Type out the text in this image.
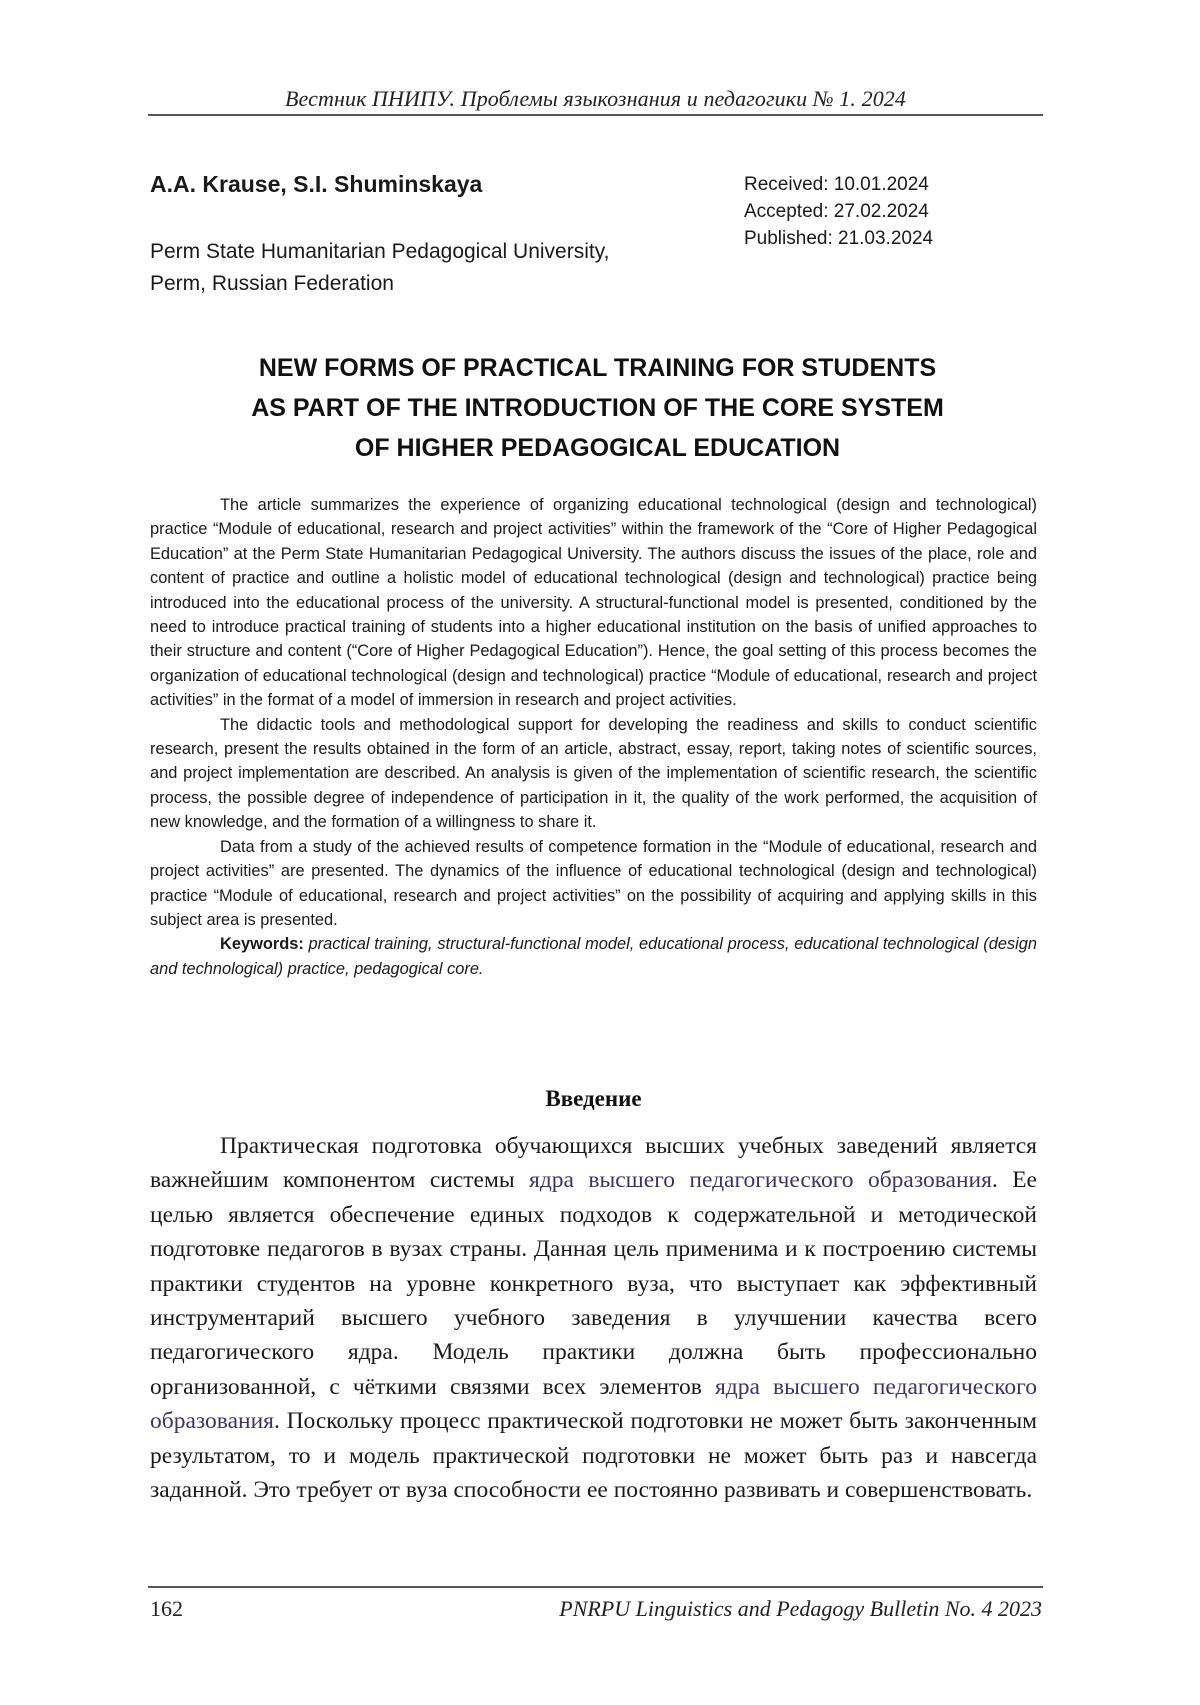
Вестник ПНИПУ. Проблемы языкознания и педагогики № 1. 2024
A.A. Krause, S.I. Shuminskaya
Perm State Humanitarian Pedagogical University,
Perm, Russian Federation
Received: 10.01.2024
Accepted: 27.02.2024
Published: 21.03.2024
NEW FORMS OF PRACTICAL TRAINING FOR STUDENTS
AS PART OF THE INTRODUCTION OF THE CORE SYSTEM
OF HIGHER PEDAGOGICAL EDUCATION

The article summarizes the experience of organizing educational technological (design and technological) practice “Module of educational, research and project activities” within the framework of the “Core of Higher Pedagogical Education” at the Perm State Humanitarian Pedagogical University. The authors discuss the issues of the place, role and content of practice and outline a holistic model of educational technological (design and technological) practice being introduced into the educational process of the university. A structural-functional model is presented, conditioned by the need to introduce practical training of students into a higher educational institution on the basis of unified approaches to their structure and content (“Core of Higher Pedagogical Education”). Hence, the goal setting of this process becomes the organization of educational technological (design and technological) practice “Module of educational, research and project activities” in the format of a model of immersion in research and project activities.

The didactic tools and methodological support for developing the readiness and skills to conduct scientific research, present the results obtained in the form of an article, abstract, essay, report, taking notes of scientific sources, and project implementation are described. An analysis is given of the implementation of scientific research, the scientific process, the possible degree of independence of participation in it, the quality of the work performed, the acquisition of new knowledge, and the formation of a willingness to share it.

Data from a study of the achieved results of competence formation in the “Module of educational, research and project activities” are presented. The dynamics of the influence of educational technological (design and technological) practice “Module of educational, research and project activities” on the possibility of acquiring and applying skills in this subject area is presented.

Keywords: practical training, structural-functional model, educational process, educational technological (design and technological) practice, pedagogical core.

Введение

Практическая подготовка обучающихся высших учебных заведений является важнейшим компонентом системы ядра высшего педагогического образования. Ее целью является обеспечение единых подходов к содержательной и методической подготовке педагогов в вузах страны. Данная цель применима и к построению системы практики студентов на уровне конкретного вуза, что выступает как эффективный инструментарий высшего учебного заведения в улучшении качества всего педагогического ядра. Модель практики должна быть профессионально организованной, с чёткими связями всех элементов ядра высшего педагогического образования. Поскольку процесс практической подготовки не может быть законченным результатом, то и модель практической подготовки не может быть раз и навсегда заданной. Это требует от вуза способности ее постоянно развивать и совершенствовать.

162	PNRPU Linguistics and Pedagogy Bulletin No. 4 2023
